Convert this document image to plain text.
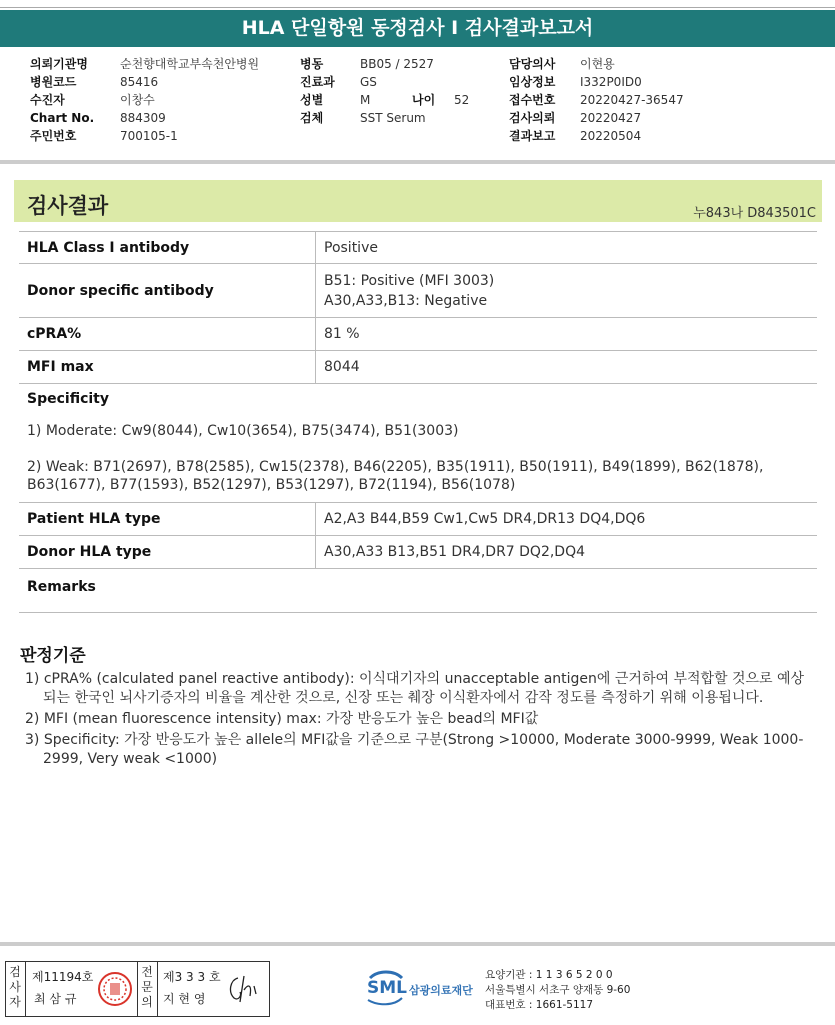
HLA 단일항원 동정검사 I 검사결과보고서
의뢰기관명	순천향대학교부속천안병원
병원코드	85416
수진자	이창수
Chart No. 884309
주민번호	700105-1
병동	BB05 / 2527
진료과 GS
성별	M	나이 52
검체	SST Serum
담당의사 이현용
임상정보 I332P0ID0
접수번호 20220427-36547
검사의뢰 20220427
결과보고 20220504
검사결과	누843나 D843501C
HLA Class Ⅰ antibody	Positive
Donor specific antibody	B51: Positive (MFI 3003)
A30,A33,B13: Negative

cPRA%	81 %
MFI max	8044

Specificity
1) Moderate: Cw9(8044), Cw10(3654), B75(3474), B51(3003)
2) Weak: B71(2697), B78(2585), Cw15(2378), B46(2205), B35(1911), B50(1911), B49(1899), B62(1878), B63(1677), B77(1593), B52(1297), B53(1297), B72(1194), B56(1078)	

Patient HLA type	A2,A3 B44,B59 Cw1,Cw5 DR4,DR13 DQ4,DQ6
Donor HLA type	A30,A33 B13,B51 DR4,DR7 DQ2,DQ4
Remarks	
판정기준
1) cPRA% (calculated panel reactive antibody): 이식대기자의 unacceptable antigen에 근거하여 부적합할 것으로 예상되는 한국인 뇌사기증자의 비율을 계산한 것으로, 신장 또는 췌장 이식환자에서 감작 정도를 측정하기 위해 이용됩니다.
2) MFI (mean fluorescence intensity) max: 가장 반응도가 높은 bead의 MFI값
3) Specificity: 가장 반응도가 높은 allele의 MFI값을 기준으로 구분(Strong >10000, Moderate 3000-9999, Weak 1000-2999, Very weak <1000)
검
사
자
제11194호
최 삼 규
전
문
의
제3 3 3 호
지 현 영
SML 삼광의료재단
요양기관 : 1 1 3 6 5 2 0 0
서울특별시 서초구 양재동 9-60
대표번호 : 1661-5117
